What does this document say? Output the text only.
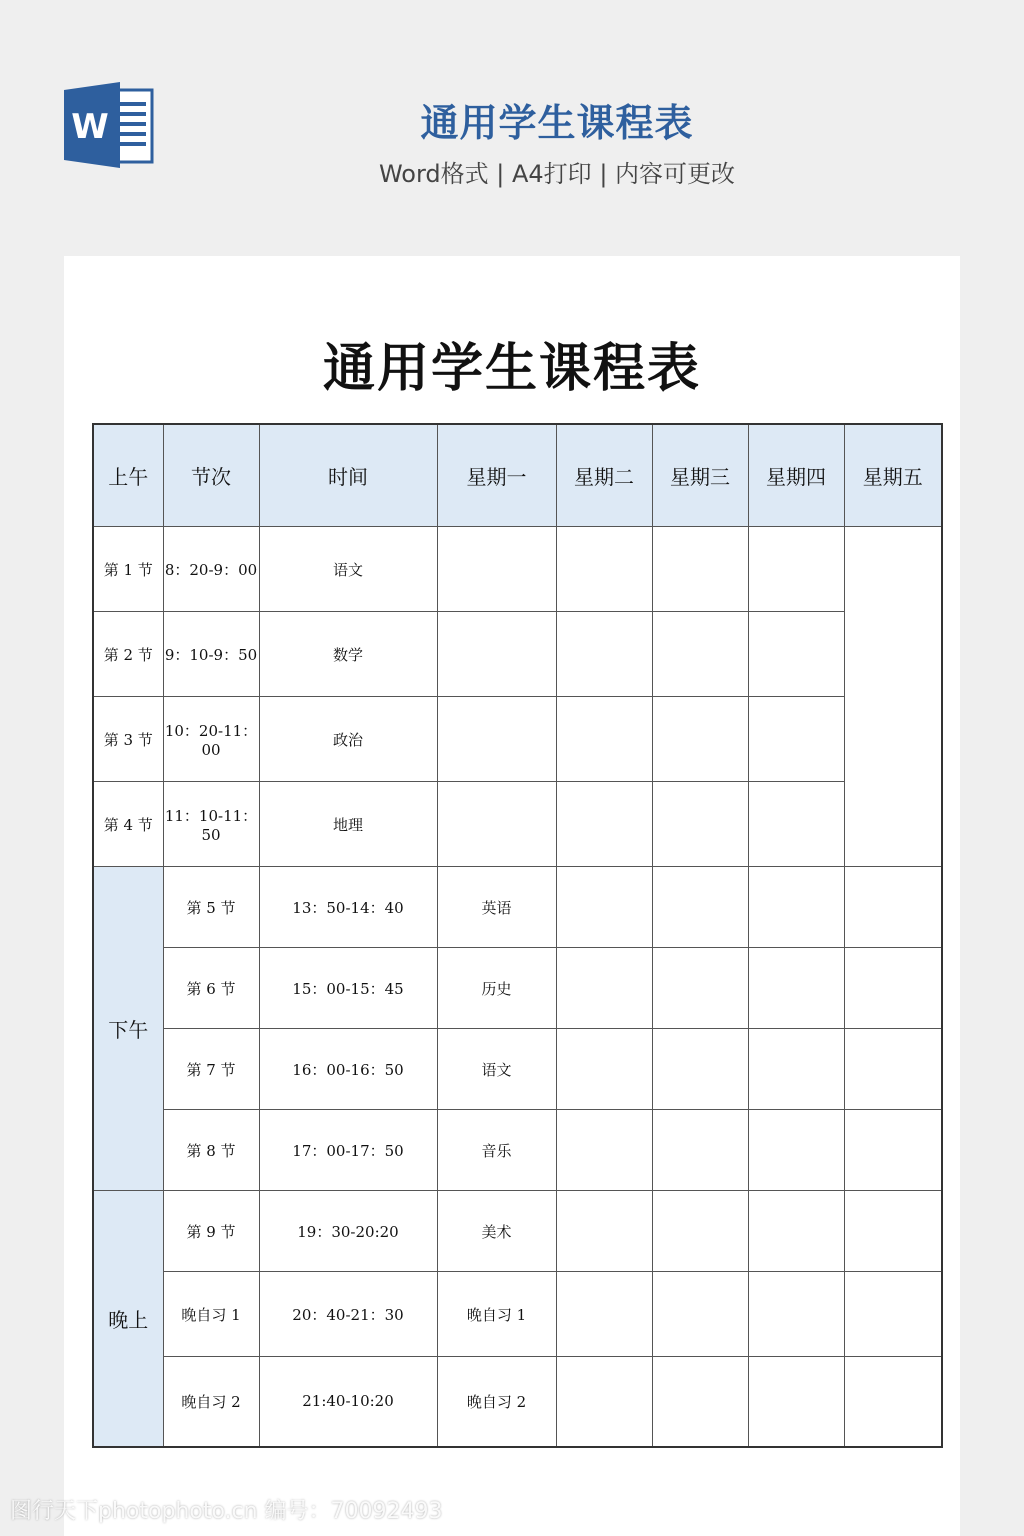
W	通用学生课程表
Word格式 | A4打印 | 内容可更改
通用学生课程表
上午	节次	时间	星期一	星期二	星期三	星期四	星期五
第 1 节	8：20-9：00	语文					
第 2 节	9：10-9：50	数学					
第 3 节	10：20-11：00	政治					
第 4 节	11：10-11：50	地理					
下午	第 5 节	13：50-14：40	英语				
	第 6 节	15：00-15：45	历史				
	第 7 节	16：00-16：50	语文				
	第 8 节	17：00-17：50	音乐				
晚上	第 9 节	19：30-20:20	美术				
	晚自习 1	20：40-21：30	晚自习 1				
	晚自习 2	21:40-10:20	晚自习 2				
图行天下photophoto.cn 编号：70092493
